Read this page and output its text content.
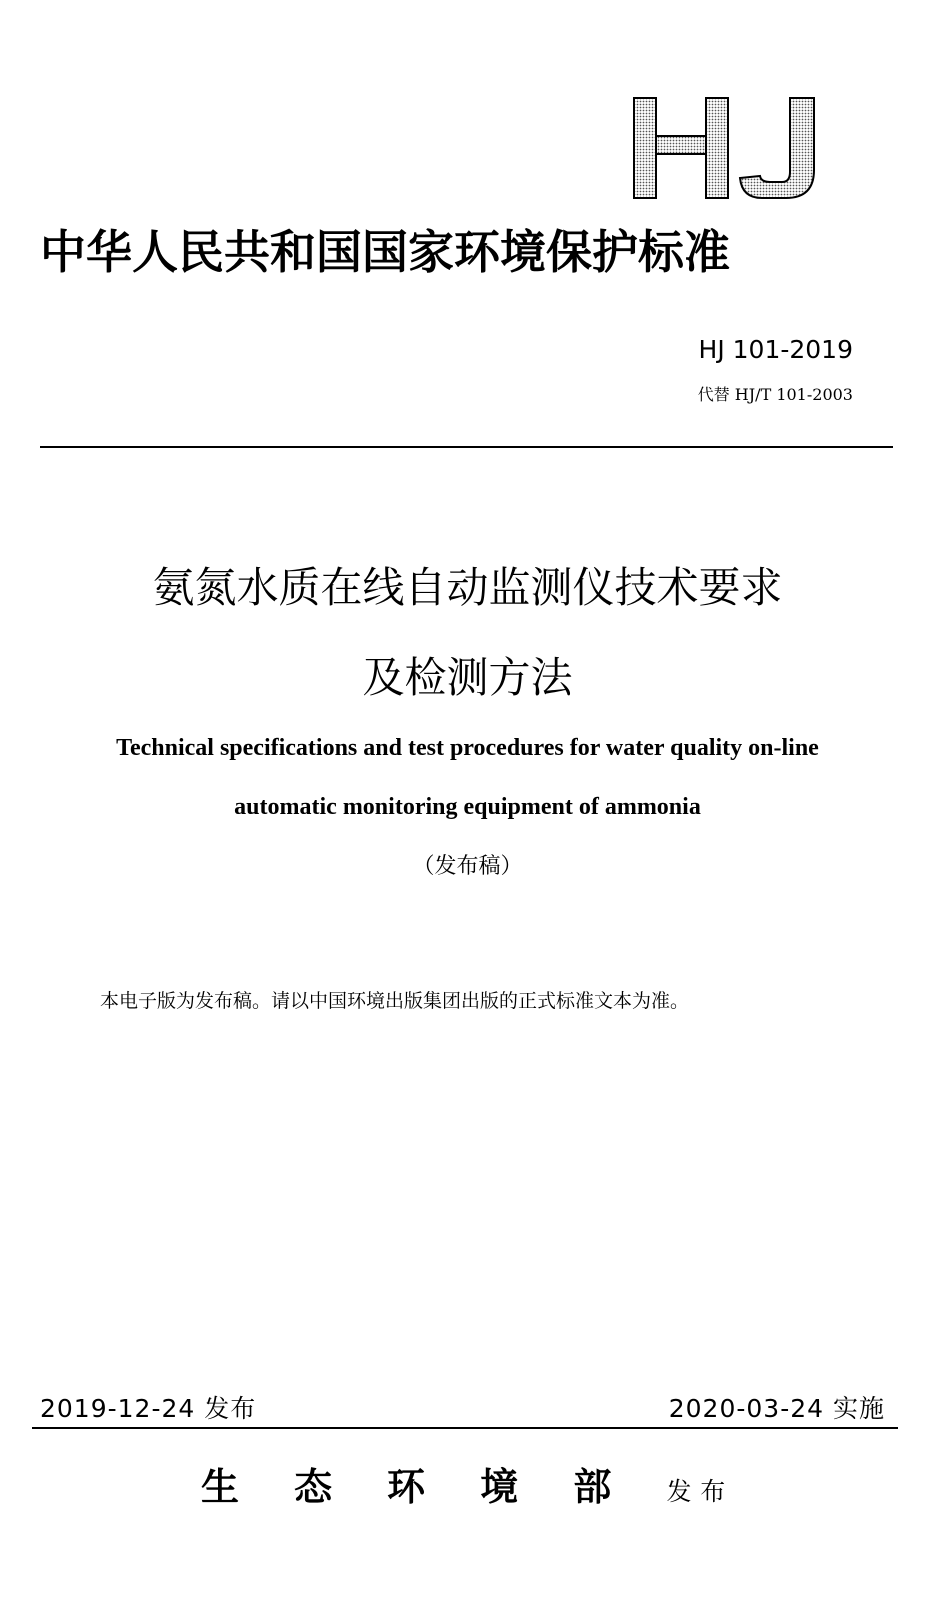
中华人民共和国国家环境保护标准
HJ 101-2019
代替 HJ/T 101-2003
氨氮水质在线自动监测仪技术要求
及检测方法
Technical specifications and test procedures for water quality on-line
automatic monitoring equipment of ammonia
（发布稿）
本电子版为发布稿。请以中国环境出版集团出版的正式标准文本为准。
2019-12-24 发布	2020-03-24 实施
生态环境部发布
